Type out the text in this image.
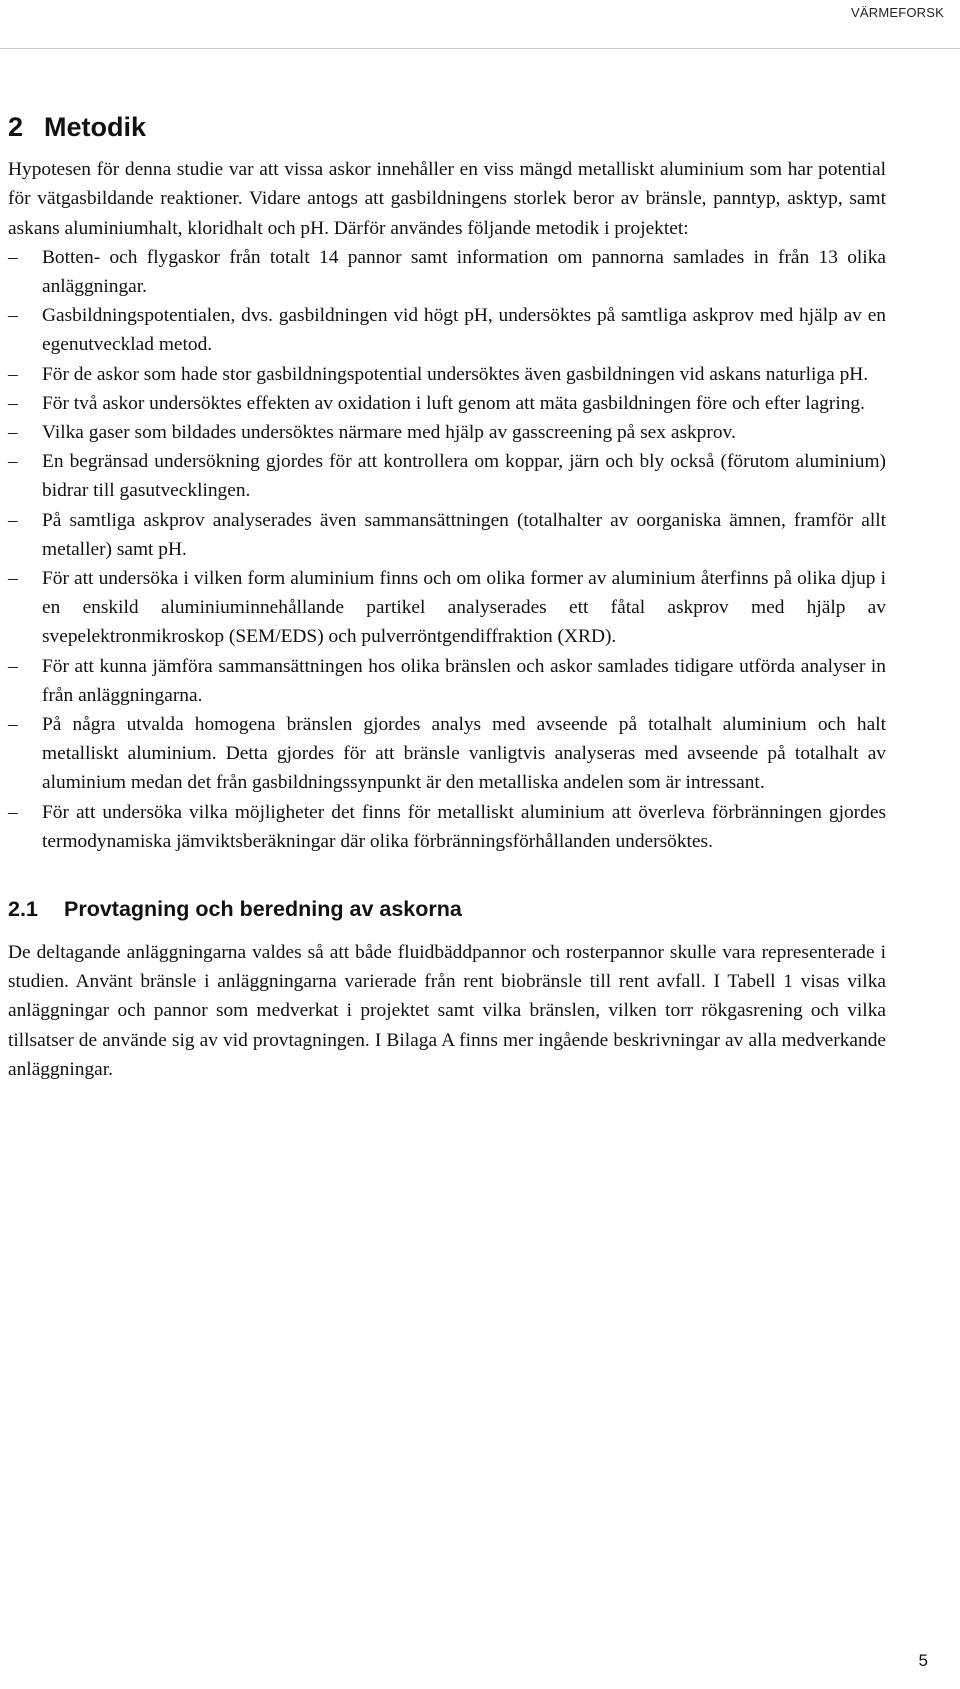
VÄRMEFORSK
2 Metodik

Hypotesen för denna studie var att vissa askor innehåller en viss mängd metalliskt aluminium som har potential för vätgasbildande reaktioner. Vidare antogs att gasbildningens storlek beror av bränsle, panntyp, asktyp, samt askans aluminiumhalt, kloridhalt och pH. Därför användes följande metodik i projektet:

–	Botten- och flygaskor från totalt 14 pannor samt information om pannorna samlades in från 13 olika anläggningar.
–	Gasbildningspotentialen, dvs. gasbildningen vid högt pH, undersöktes på samtliga askprov med hjälp av en egenutvecklad metod.
–	För de askor som hade stor gasbildningspotential undersöktes även gasbildningen vid askans naturliga pH.
–	För två askor undersöktes effekten av oxidation i luft genom att mäta gasbildningen före och efter lagring.
–	Vilka gaser som bildades undersöktes närmare med hjälp av gasscreening på sex askprov.
–	En begränsad undersökning gjordes för att kontrollera om koppar, järn och bly också (förutom aluminium) bidrar till gasutvecklingen.
–	På samtliga askprov analyserades även sammansättningen (totalhalter av oorganiska ämnen, framför allt metaller) samt pH.
–	För att undersöka i vilken form aluminium finns och om olika former av aluminium återfinns på olika djup i en enskild aluminiuminnehållande partikel analyserades ett fåtal askprov med hjälp av svepelektronmikroskop (SEM/EDS) och pulverröntgendiffraktion (XRD).
–	För att kunna jämföra sammansättningen hos olika bränslen och askor samlades tidigare utförda analyser in från anläggningarna.
–	På några utvalda homogena bränslen gjordes analys med avseende på totalhalt aluminium och halt metalliskt aluminium. Detta gjordes för att bränsle vanligtvis analyseras med avseende på totalhalt av aluminium medan det från gasbildningssynpunkt är den metalliska andelen som är intressant.
–	För att undersöka vilka möjligheter det finns för metalliskt aluminium att överleva förbränningen gjordes termodynamiska jämviktsberäkningar där olika förbränningsförhållanden undersöktes.
2.1	Provtagning och beredning av askorna

De deltagande anläggningarna valdes så att både fluidbäddpannor och rosterpannor skulle vara representerade i studien. Använt bränsle i anläggningarna varierade från rent biobränsle till rent avfall. I Tabell 1 visas vilka anläggningar och pannor som medverkat i projektet samt vilka bränslen, vilken torr rökgasrening och vilka tillsatser de använde sig av vid provtagningen. I Bilaga A finns mer ingående beskrivningar av alla medverkande anläggningar.

5
